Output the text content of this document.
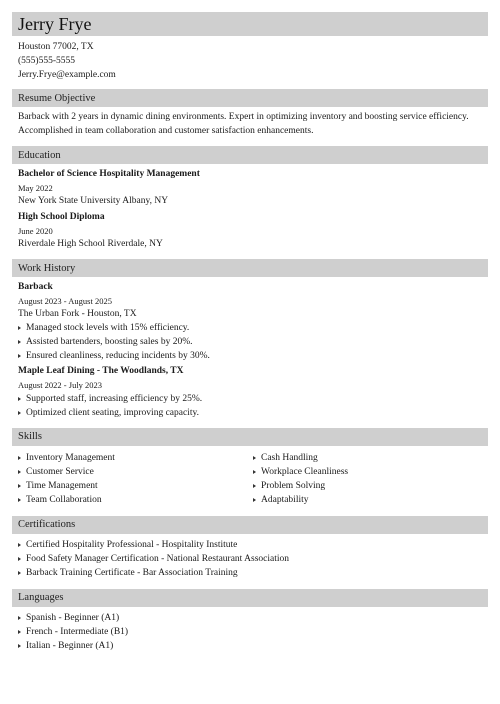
Jerry Frye
Houston 77002, TX
(555)555-5555
Jerry.Frye@example.com
Resume Objective
Barback with 2 years in dynamic dining environments. Expert in optimizing inventory and boosting service efficiency.
Accomplished in team collaboration and customer satisfaction enhancements.
Education
Bachelor of Science Hospitality Management
May 2022
New York State University Albany, NY
High School Diploma
June 2020
Riverdale High School Riverdale, NY
Work History
Barback
August 2023 - August 2025
The Urban Fork - Houston, TX
Managed stock levels with 15% efficiency.
Assisted bartenders, boosting sales by 20%.
Ensured cleanliness, reducing incidents by 30%.
Maple Leaf Dining - The Woodlands, TX
August 2022 - July 2023
Supported staff, increasing efficiency by 25%.
Optimized client seating, improving capacity.
Skills
Inventory Management
Customer Service
Time Management
Team Collaboration
Cash Handling
Workplace Cleanliness
Problem Solving
Adaptability
Certifications
Certified Hospitality Professional - Hospitality Institute
Food Safety Manager Certification - National Restaurant Association
Barback Training Certificate - Bar Association Training
Languages
Spanish - Beginner (A1)
French - Intermediate (B1)
Italian - Beginner (A1)
